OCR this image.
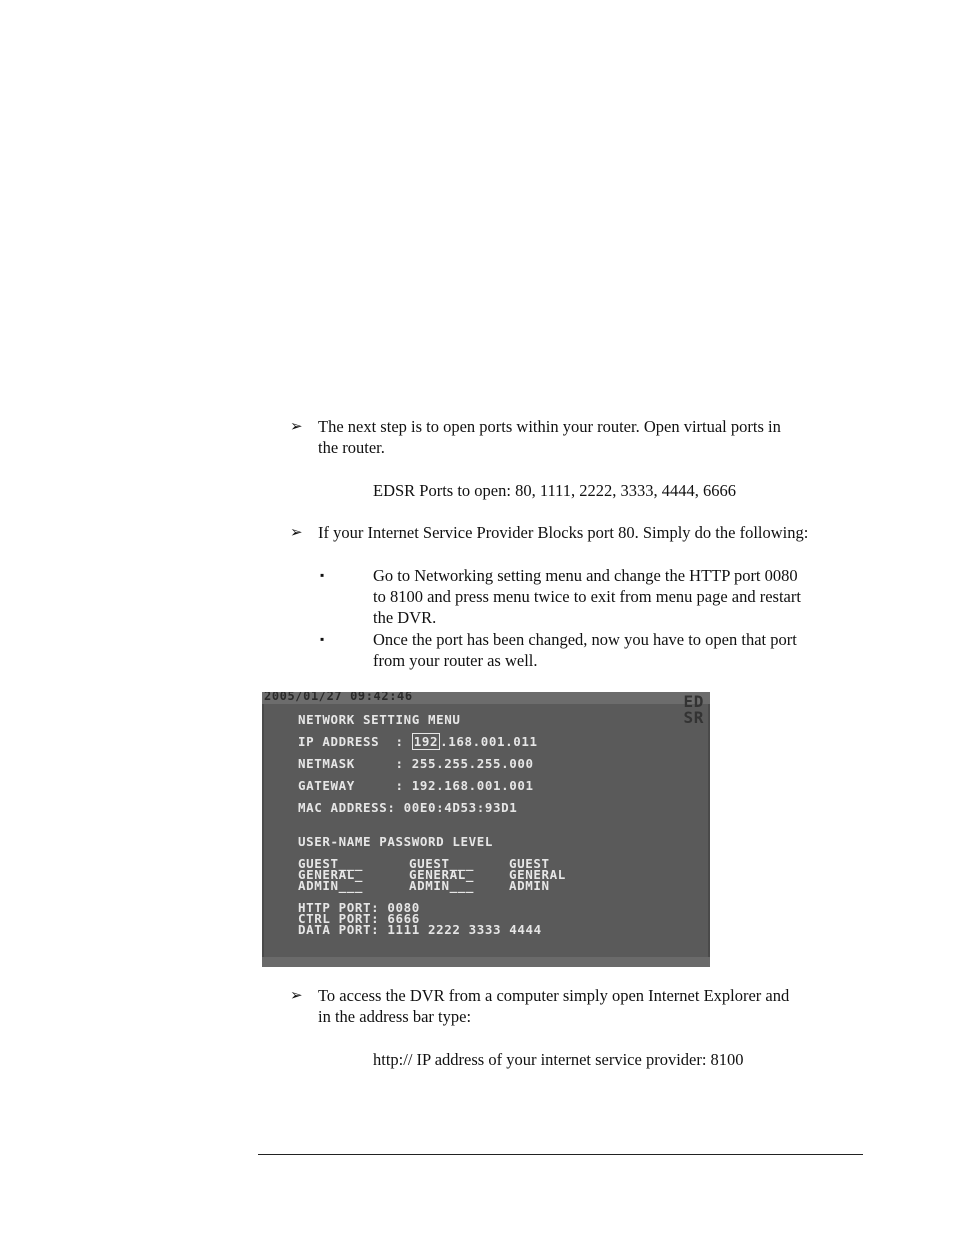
➢ The next step is to open ports within your router. Open virtual ports in
the router.
EDSR Ports to open: 80, 1111, 2222, 3333, 4444, 6666
➢ If your Internet Service Provider Blocks port 80. Simply do the following:
▪	Go to Networking setting menu and change the HTTP port 0080
to 8100 and press menu twice to exit from menu page and restart
the DVR.
▪	Once the port has been changed, now you have to open that port
from your router as well.
2005/01/27 09:42:46	ED
SR
NETWORK SETTING MENU
IP ADDRESS  : 192 .168.001.011
NETMASK     : 255.255.255.000
GATEWAY     : 192.168.001.001
MAC ADDRESS: 00E0:4D53:93D1
USER-NAME PASSWORD LEVEL
GUEST___	GUEST___	GUEST
GENERAL_	GENERAL_	GENERAL
ADMIN___	ADMIN___	ADMIN
HTTP PORT: 0080
CTRL PORT: 6666
DATA PORT: 1111 2222 3333 4444
➢ To access the DVR from a computer simply open Internet Explorer and
in the address bar type:
http:// IP address of your internet service provider: 8100
